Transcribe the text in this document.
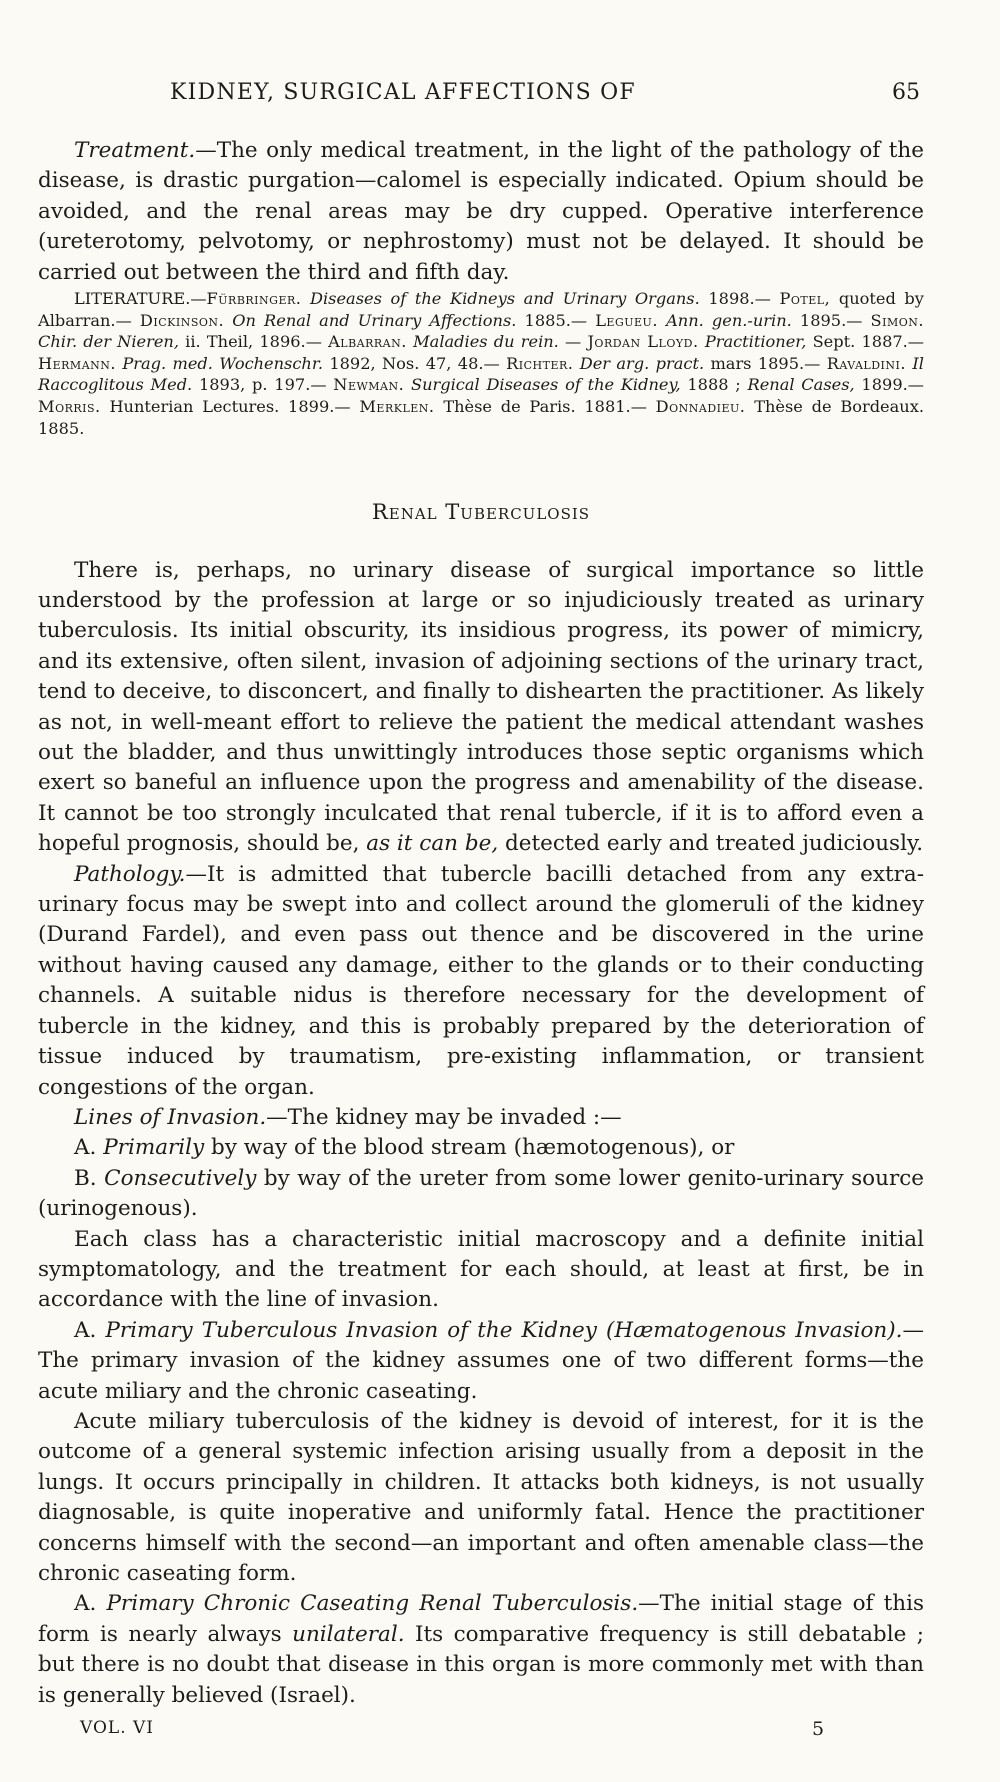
KIDNEY, SURGICAL AFFECTIONS OF	65

Treatment.—The only medical treatment, in the light of the pathology of the disease, is drastic purgation—calomel is especially indicated. Opium should be avoided, and the renal areas may be dry cupped. Operative interference (ureterotomy, pelvotomy, or nephrostomy) must not be delayed. It should be carried out between the third and fifth day.

LITERATURE.—Fürbringer. Diseases of the Kidneys and Urinary Organs. 1898.— Potel, quoted by Albarran.— Dickinson. On Renal and Urinary Affections. 1885.— Legueu. Ann. gen.-urin. 1895.— Simon. Chir. der Nieren, ii. Theil, 1896.— Albarran. Maladies du rein. — Jordan Lloyd. Practitioner, Sept. 1887.— Hermann. Prag. med. Wochenschr. 1892, Nos. 47, 48.— Richter. Der arg. pract. mars 1895.— Ravaldini. Il Raccoglitous Med. 1893, p. 197.— Newman. Surgical Diseases of the Kidney, 1888 ; Renal Cases, 1899.— Morris. Hunterian Lectures. 1899.— Merklen. Thèse de Paris. 1881.— Donnadieu. Thèse de Bordeaux. 1885.

Renal Tuberculosis

There is, perhaps, no urinary disease of surgical importance so little understood by the profession at large or so injudiciously treated as urinary tuberculosis. Its initial obscurity, its insidious progress, its power of mimicry, and its extensive, often silent, invasion of adjoining sections of the urinary tract, tend to deceive, to disconcert, and finally to dishearten the practitioner. As likely as not, in well-meant effort to relieve the patient the medical attendant washes out the bladder, and thus unwittingly introduces those septic organisms which exert so baneful an influence upon the progress and amenability of the disease. It cannot be too strongly inculcated that renal tubercle, if it is to afford even a hopeful prognosis, should be, as it can be, detected early and treated judiciously.

Pathology.—It is admitted that tubercle bacilli detached from any extra-urinary focus may be swept into and collect around the glomeruli of the kidney (Durand Fardel), and even pass out thence and be discovered in the urine without having caused any damage, either to the glands or to their conducting channels. A suitable nidus is therefore necessary for the development of tubercle in the kidney, and this is probably prepared by the deterioration of tissue induced by traumatism, pre-existing inflammation, or transient congestions of the organ.

Lines of Invasion.—The kidney may be invaded :—

A. Primarily by way of the blood stream (hæmotogenous), or

B. Consecutively by way of the ureter from some lower genito-urinary source (urinogenous).

Each class has a characteristic initial macroscopy and a definite initial symptomatology, and the treatment for each should, at least at first, be in accordance with the line of invasion.

A. Primary Tuberculous Invasion of the Kidney (Hæmatogenous Invasion).—The primary invasion of the kidney assumes one of two different forms—the acute miliary and the chronic caseating.

Acute miliary tuberculosis of the kidney is devoid of interest, for it is the outcome of a general systemic infection arising usually from a deposit in the lungs. It occurs principally in children. It attacks both kidneys, is not usually diagnosable, is quite inoperative and uniformly fatal. Hence the practitioner concerns himself with the second—an important and often amenable class—the chronic caseating form.

A. Primary Chronic Caseating Renal Tuberculosis.—The initial stage of this form is nearly always unilateral. Its comparative frequency is still debatable ; but there is no doubt that disease in this organ is more commonly met with than is generally believed (Israel).

VOL. VI	5
